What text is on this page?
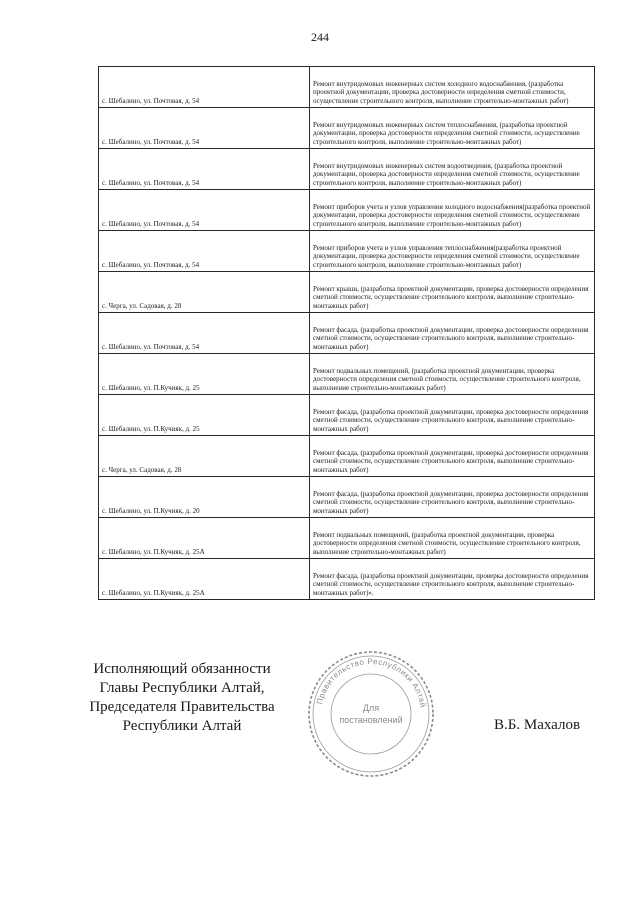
244
с. Шебалино, ул. Почтовая, д. 54	Ремонт внутридомовых инженерных систем холодного водоснабжения, (разработка проектной документации, проверка достоверности определения сметной стоимости, осуществление строительного контроля, выполнение строительно-монтажных работ)
с. Шебалино, ул. Почтовая, д. 54	Ремонт внутридомовых инженерных систем теплоснабжения, (разработка проектной документации, проверка достоверности определения сметной стоимости, осуществление строительного контроля, выполнение строительно-монтажных работ)
с. Шебалино, ул. Почтовая, д. 54	Ремонт внутридомовых инженерных систем водоотведения, (разработка проектной документации, проверка достоверности определения сметной стоимости, осуществление строительного контроля, выполнение строительно-монтажных работ)
с. Шебалино, ул. Почтовая, д. 54	Ремонт приборов учета и узлов управления холодного водоснабжения(разработка проектной документации, проверка достоверности определения сметной стоимости, осуществление строительного контроля, выполнение строительно-монтажных работ)
с. Шебалино, ул. Почтовая, д. 54	Ремонт приборов учета и узлов управления теплоснабжения(разработка проектной документации, проверка достоверности определения сметной стоимости, осуществление строительного контроля, выполнение строительно-монтажных работ)
с. Черга, ул. Садовая, д. 28	Ремонт крыши, (разработка проектной документации, проверка достоверности определения сметной стоимости, осуществление строительного контроля, выполнение строительно-монтажных работ)
с. Шебалино, ул. Почтовая, д. 54	Ремонт фасада, (разработка проектной документации, проверка достоверности определения сметной стоимости, осуществление строительного контроля, выполнение строительно-монтажных работ)
с. Шебалино, ул. П.Кучияк, д. 25	Ремонт подвальных помещений, (разработка проектной документации, проверка достоверности определения сметной стоимости, осуществление строительного контроля, выполнение строительно-монтажных работ)
с. Шебалино, ул. П.Кучияк, д. 25	Ремонт фасада, (разработка проектной документации, проверка достоверности определения сметной стоимости, осуществление строительного контроля, выполнение строительно-монтажных работ)
с. Черга, ул. Садовая, д. 28	Ремонт фасада, (разработка проектной документации, проверка достоверности определения сметной стоимости, осуществление строительного контроля, выполнение строительно-монтажных работ)
с. Шебалино, ул. П.Кучияк, д. 20	Ремонт фасада, (разработка проектной документации, проверка достоверности определения сметной стоимости, осуществление строительного контроля, выполнение строительно-монтажных работ)
с. Шебалино, ул. П.Кучияк, д. 25А	Ремонт подвальных помещений, (разработка проектной документации, проверка достоверности определения сметной стоимости, осуществление строительного контроля, выполнение строительно-монтажных работ)
с. Шебалино, ул. П.Кучияк, д. 25А	Ремонт фасада, (разработка проектной документации, проверка достоверности определения сметной стоимости, осуществление строительного контроля, выполнение строительно-монтажных работ)».
Исполняющий обязанности
Главы Республики Алтай,
Председателя Правительства
Республики Алтай
Правительство Республики Алтай
Для
постановлений	В.Б. Махалов
